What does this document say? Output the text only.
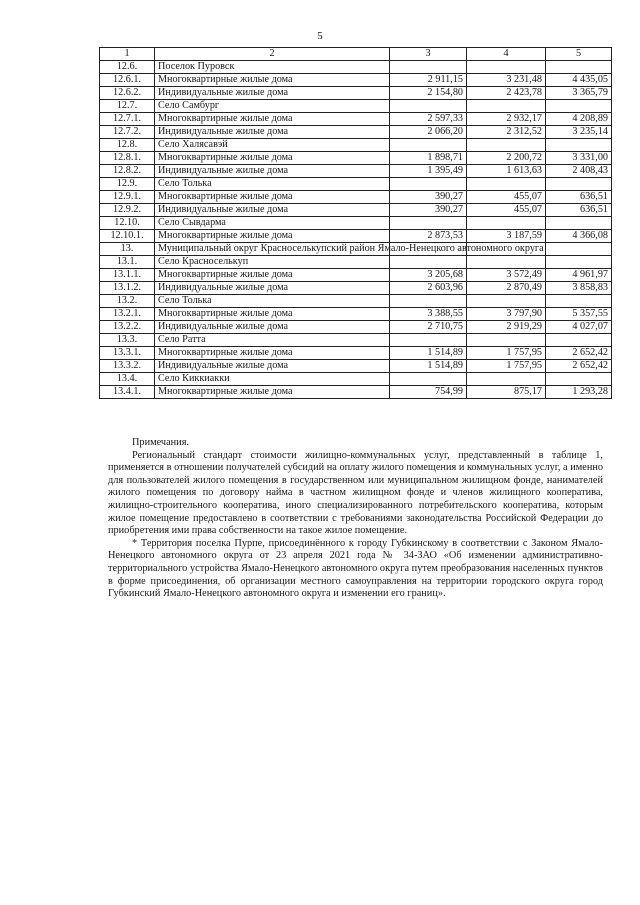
5
1	2	3	4	5
12.6.	Поселок Пуровск			
12.6.1.	Многоквартирные жилые дома	2 911,15	3 231,48	4 435,05
12.6.2.	Индивидуальные жилые дома	2 154,80	2 423,78	3 365,79
12.7.	Село Самбург			
12.7.1.	Многоквартирные жилые дома	2 597,33	2 932,17	4 208,89
12.7.2.	Индивидуальные жилые дома	2 066,20	2 312,52	3 235,14
12.8.	Село Халясавэй			
12.8.1.	Многоквартирные жилые дома	1 898,71	2 200,72	3 331,00
12.8.2.	Индивидуальные жилые дома	1 395,49	1 613,63	2 408,43
12.9.	Село Толька			
12.9.1.	Многоквартирные жилые дома	390,27	455,07	636,51
12.9.2.	Индивидуальные жилые дома	390,27	455,07	636,51
12.10.	Село Сывдарма			
12.10.1.	Многоквартирные жилые дома	2 873,53	3 187,59	4 366,08
13.	Муниципальный округ Красноселькупский район Ямало-Ненецкого автономного округа			
13.1.	Село Красноселькуп			
13.1.1.	Многоквартирные жилые дома	3 205,68	3 572,49	4 961,97
13.1.2.	Индивидуальные жилые дома	2 603,96	2 870,49	3 858,83
13.2.	Село Толька			
13.2.1.	Многоквартирные жилые дома	3 388,55	3 797,90	5 357,55
13.2.2.	Индивидуальные жилые дома	2 710,75	2 919,29	4 027,07
13.3.	Село Ратта			
13.3.1.	Многоквартирные жилые дома	1 514,89	1 757,95	2 652,42
13.3.2.	Индивидуальные жилые дома	1 514,89	1 757,95	2 652,42
13.4.	Село Киккиакки			
13.4.1.	Многоквартирные жилые дома	754,99	875,17	1 293,28

Примечания.

Региональный стандарт стоимости жилищно-коммунальных услуг, представленный в таблице 1, применяется в отношении получателей субсидий на оплату жилого помещения и коммунальных услуг, а именно для пользователей жилого помещения в государственном или муниципальном жилищном фонде, нанимателей жилого помещения по договору найма в частном жилищном фонде и членов жилищного кооператива, жилищно-строительного кооператива, иного специализированного потребительского кооператива, которым жилое помещение предоставлено в соответствии с требованиями законодательства Российской Федерации до приобретения ими права собственности на такое жилое помещение.

* Территория поселка Пурпе, присоединённого к городу Губкинскому в соответствии с Законом Ямало-Ненецкого автономного округа от 23 апреля 2021 года № 34-ЗАО «Об изменении административно-территориального устройства Ямало-Ненецкого автономного округа путем преобразования населенных пунктов в форме присоединения, об организации местного самоуправления на территории городского округа город Губкинский Ямало-Ненецкого автономного округа и изменении его границ».
